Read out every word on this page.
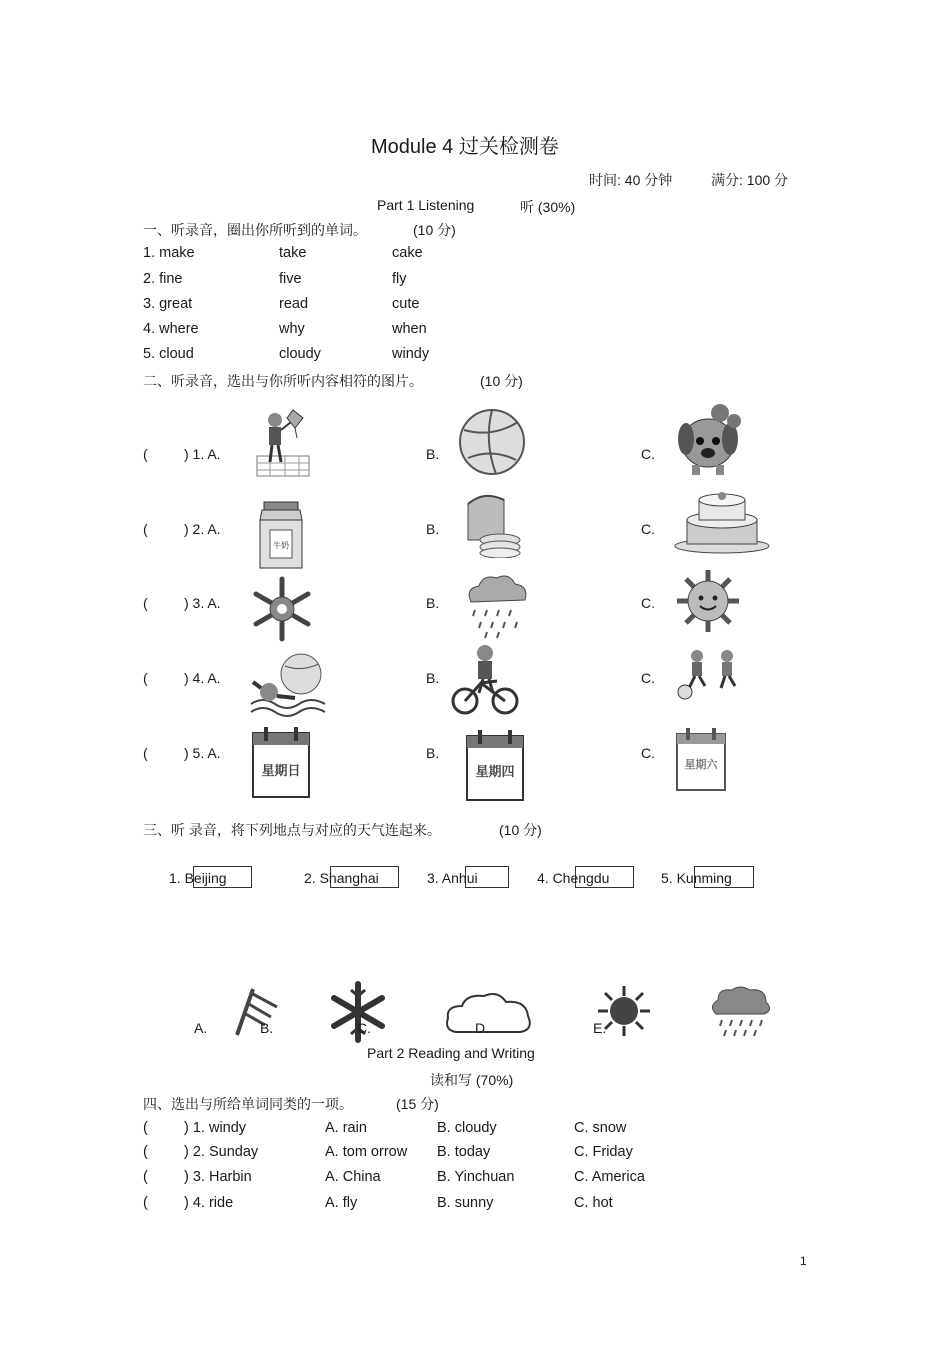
Module 4 过关检测卷
时间: 40 分钟	满分: 100 分
Part 1 Listening	听 (30%)
一、听录音，圈出你所听到的单词。	(10 分)
1. make	take	cake
2. fine	five	fly
3. great	read	cute
4. where	why	when
5. cloud	cloudy	windy
二、听录音，选出与你所听内容相符的图片。	(10 分)
(	) 1. A.	B.	C.
(	) 2. A.	B.	C.
牛奶
(	) 3. A.	B.	C.
(	) 4. A.	B.	C.
(	) 5. A.	B.	C.
星期日	星期四
星期六
三、听 录音，将下列地点与对应的天气连起来。	(10 分)
1. Beijing	2. Shanghai	3. Anhui	4. Chengdu	5. Kunming
A.	B.	C.	D.	E.
Part 2 Reading and Writing
读和写 (70%)
四、选出与所给单词同类的一项。	(15 分)
( ) 1. windy	A. rain	B. cloudy	C. snow
( ) 2. Sunday	A. tom orrow B. today	C. Friday
( ) 3. Harbin	A. China	B. Yinchuan	C. America
( ) 4. ride	A. fly	B. sunny	C. hot
1
